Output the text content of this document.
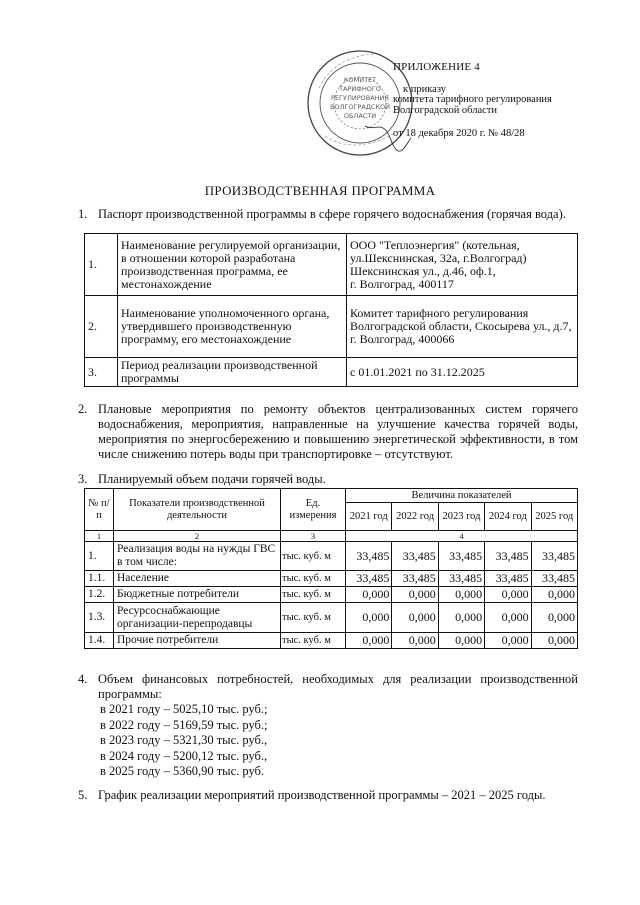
КОМИТЕТ
ТАРИФНОГО
РЕГУЛИРОВАНИЯ
ВОЛГОГРАДСКОЙ
ОБЛАСТИ
ПРИЛОЖЕНИЕ 4
к приказу
комитета тарифного регулирования
Волгоградской области
от 18 декабря 2020 г. № 48/28
ПРОИЗВОДСТВЕННАЯ ПРОГРАММА
1. Паспорт производственной программы в сфере горячего водоснабжения (горячая вода).
1.	Наименование регулируемой организации, в отношении которой разработана производственная программа, ее местонахождение	ООО "Теплоэнергия" (котельная, ул.Шекснинская, 32а, г.Волгоград)
Шекснинская ул., д.46, оф.1,
г. Волгоград, 400117

2.	Наименование уполномоченного органа, утвердившего производственную программу, его местонахождение	Комитет тарифного регулирования Волгоградской области, Скосырева ул., д.7, г. Волгоград, 400066

3.	Период реализации производственной программы	с 01.01.2021 по 31.12.2025
2. Плановые мероприятия по ремонту объектов централизованных систем горячего водоснабжения, мероприятия, направленные на улучшение качества горячей воды, мероприятия по энергосбережению и повышению энергетической эффективности, в том числе снижению потерь воды при транспортировке – отсутствуют.
3. Планируемый объем подачи горячей воды.
№ п/п	Показатели производственной деятельности	Ед. измерения	Величина показателей				
			2021 год	2022 год	2023 год	2024 год	2025 год
1	2	3	4				
1.	Реализация воды на нужды ГВС в том числе:	тыс. куб. м	33,485	33,485	33,485	33,485	33,485
1.1.	Население	тыс. куб. м	33,485	33,485	33,485	33,485	33,485
1.2.	Бюджетные потребители	тыс. куб. м	0,000	0,000	0,000	0,000	0,000
1.3.	Ресурсоснабжающие организации-перепродавцы	тыс. куб. м	0,000	0,000	0,000	0,000	0,000
1.4.	Прочие потребители	тыс. куб. м	0,000	0,000	0,000	0,000	0,000
4. Объем финансовых потребностей, необходимых для реализации производственной программы:
в 2021 году – 5025,10 тыс. руб.;
в 2022 году – 5169,59 тыс. руб.;
в 2023 году – 5321,30 тыс. руб.,
в 2024 году – 5200,12 тыс. руб.,
в 2025 году – 5360,90 тыс. руб.
5. График реализации мероприятий производственной программы – 2021 – 2025 годы.
